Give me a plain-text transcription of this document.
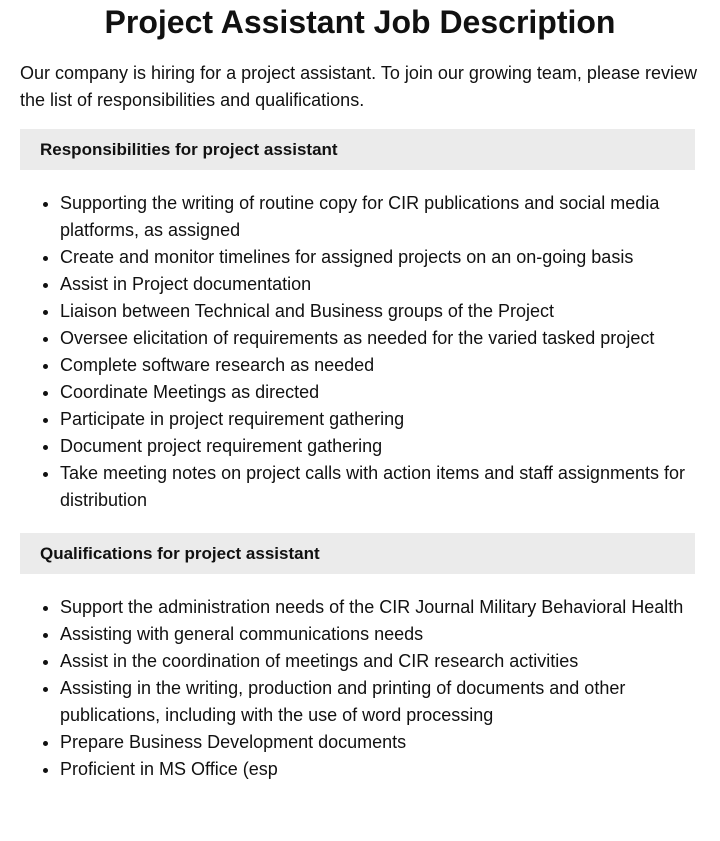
Project Assistant Job Description

Our company is hiring for a project assistant. To join our growing team, please review the list of responsibilities and qualifications.

Responsibilities for project assistant
• Supporting the writing of routine copy for CIR publications and social media platforms, as assigned
• Create and monitor timelines for assigned projects on an on-going basis
• Assist in Project documentation
• Liaison between Technical and Business groups of the Project
• Oversee elicitation of requirements as needed for the varied tasked project
• Complete software research as needed
• Coordinate Meetings as directed
• Participate in project requirement gathering
• Document project requirement gathering
• Take meeting notes on project calls with action items and staff assignments for distribution
Qualifications for project assistant
• Support the administration needs of the CIR Journal Military Behavioral Health
• Assisting with general communications needs
• Assist in the coordination of meetings and CIR research activities
• Assisting in the writing, production and printing of documents and other publications, including with the use of word processing
• Prepare Business Development documents
• Proficient in MS Office (esp
